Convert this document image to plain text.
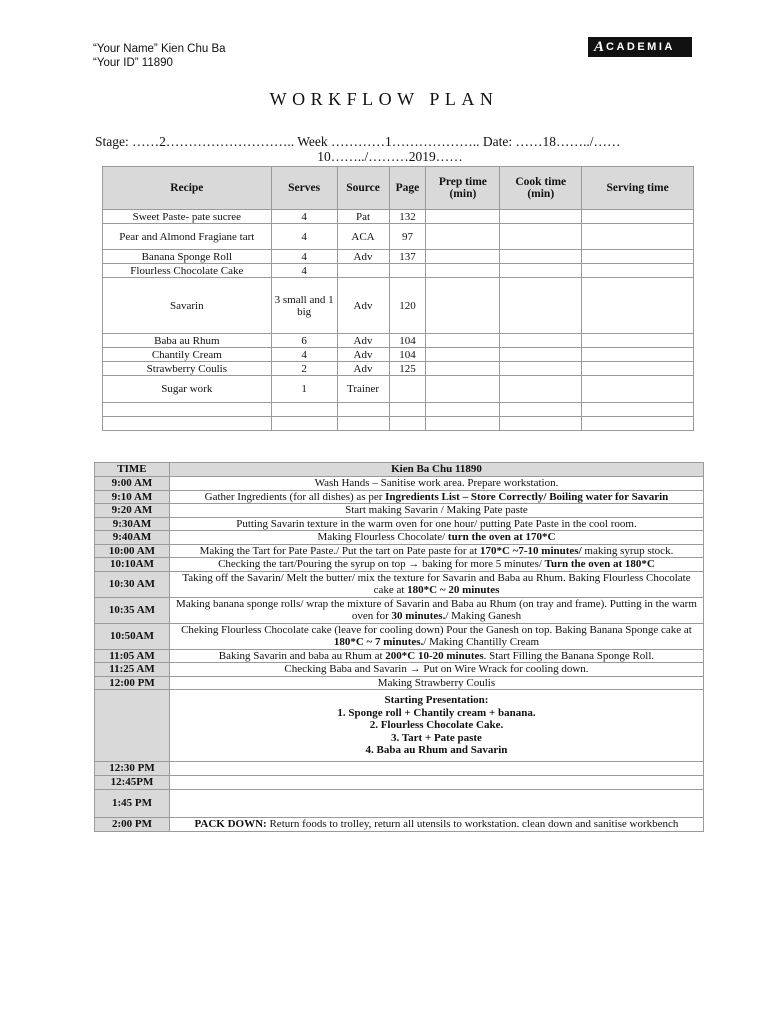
“Your Name” Kien Chu Ba
“Your ID” 11890
A CADEMIA
WORKFLOW PLAN
Stage: ……2……………………….. Week …………1……………….. Date: ……18……../……
10……../………2019……
Recipe	Serves	Source	Page	Prep time (min)	Cook time (min)	Serving time
Sweet Paste- pate sucree	4	Pat	132			
Pear and Almond Fragiane tart	4	ACA	97			
Banana Sponge Roll	4	Adv	137			
Flourless Chocolate Cake	4					
Savarin	3 small and 1 big	Adv	120			
Baba au Rhum	6	Adv	104			
Chantily Cream	4	Adv	104			
Strawberry Coulis	2	Adv	125			
Sugar work	1	Trainer				

TIME	Kien Ba Chu 11890
9:00 AM	Wash Hands – Sanitise work area. Prepare workstation.
9:10 AM	Gather Ingredients (for all dishes) as per Ingredients List – Store Correctly/ Boiling water for Savarin
9:20 AM	Start making Savarin / Making Pate paste
9:30AM	Putting Savarin texture in the warm oven for one hour/ putting Pate Paste in the cool room.
9:40AM	Making Flourless Chocolate/ turn the oven at 170*C
10:00 AM	Making the Tart for Pate Paste./ Put the tart on Pate paste for at 170*C ~7-10 minutes/ making syrup stock.
10:10AM	Checking the tart/Pouring the syrup on top → baking for more 5 minutes/ Turn the oven at 180*C
10:30 AM	Taking off the Savarin/ Melt the butter/ mix the texture for Savarin and Baba au Rhum. Baking Flourless Chocolate cake at 180*C ~ 20 minutes
10:35 AM	Making banana sponge rolls/ wrap the mixture of Savarin and Baba au Rhum (on tray and frame). Putting in the warm oven for 30 minutes./ Making Ganesh
10:50AM	Cheking Flourless Chocolate cake (leave for cooling down) Pour the Ganesh on top. Baking Banana Sponge cake at 180*C ~ 7 minutes./ Making Chantilly Cream
11:05 AM	Baking Savarin and baba au Rhum at 200*C 10-20 minutes. Start Filling the Banana Sponge Roll.
11:25 AM	Checking Baba and Savarin → Put on Wire Wrack for cooling down.
12:00 PM	Making Strawberry Coulis

	Starting Presentation:
1. Sponge roll + Chantily cream + banana.
2. Flourless Chocolate Cake.
3. Tart + Pate paste
4. Baba au Rhum and Savarin

12:30 PM	
12:45PM	
1:45 PM	
2:00 PM	PACK DOWN: Return foods to trolley, return all utensils to workstation. clean down and sanitise workbench
